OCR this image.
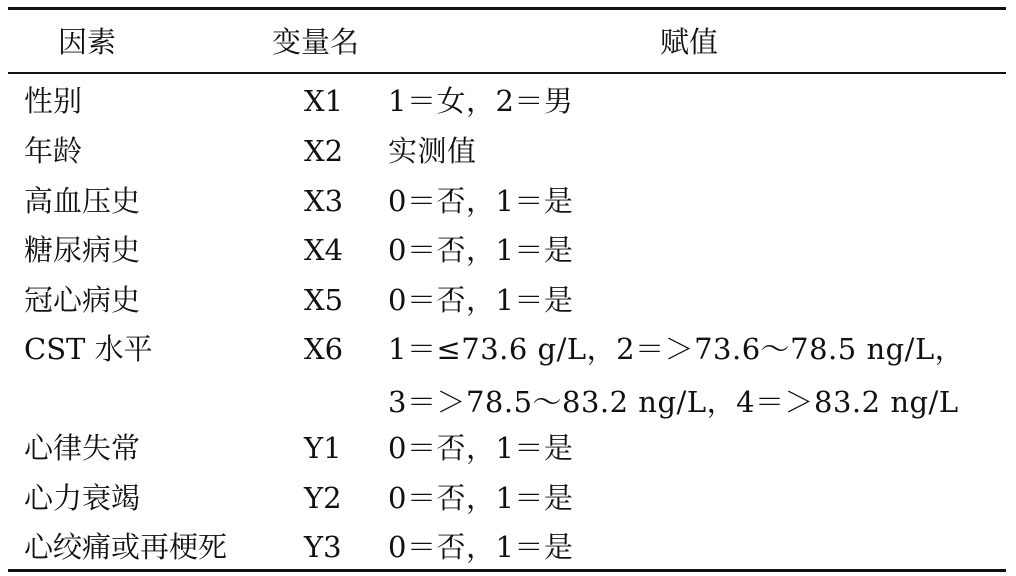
因素	变量名	赋值
性别	X1 1＝女，2＝男
年龄	X2 实测值
高血压史	X3 0＝否，1＝是
糖尿病史	X4 0＝否，1＝是
冠心病史	X5 0＝否，1＝是
CST 水平	X6 1＝≤73.6 g/L，2＝＞73.6～78.5 ng/L，
3＝＞78.5～83.2 ng/L，4＝＞83.2 ng/L
心律失常	Y1 0＝否，1＝是
心力衰竭	Y2 0＝否，1＝是
心绞痛或再梗死	Y3 0＝否，1＝是
